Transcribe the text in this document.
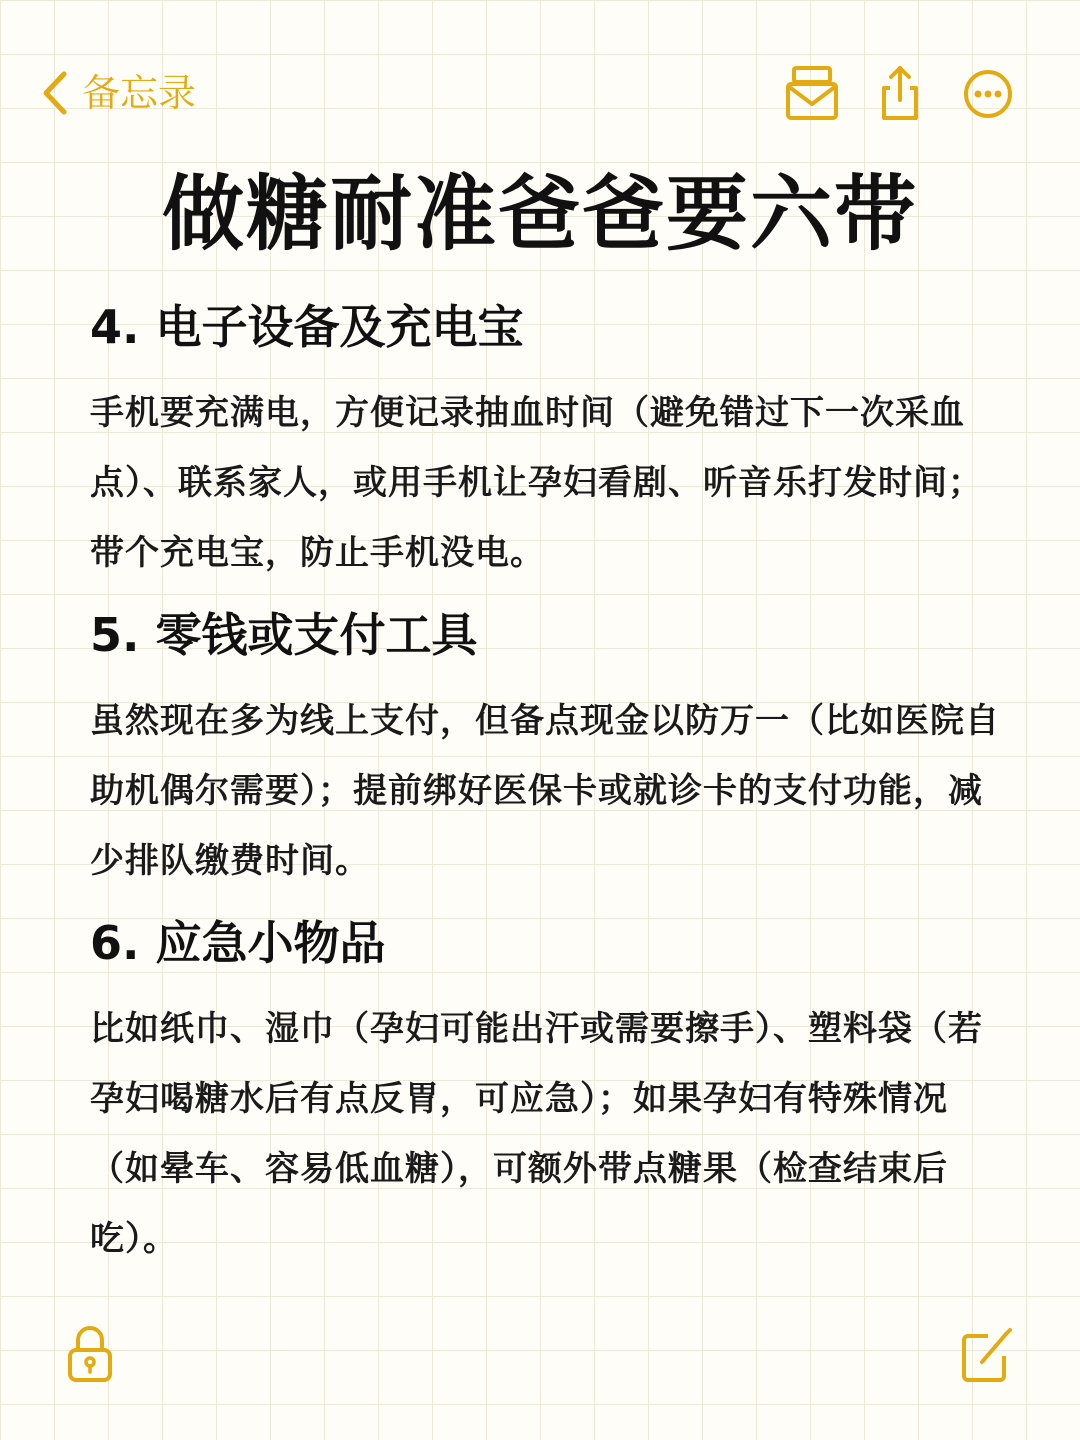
备忘录
做糖耐准爸爸要六带
4. 电子设备及充电宝

手机要充满电，方便记录抽血时间（避免错过下一次采血点）、联系家人，或用手机让孕妇看剧、听音乐打发时间；带个充电宝，防止手机没电。

5. 零钱或支付工具

虽然现在多为线上支付，但备点现金以防万一（比如医院自助机偶尔需要）；提前绑好医保卡或就诊卡的支付功能，减少排队缴费时间。

6. 应急小物品

比如纸巾、湿巾（孕妇可能出汗或需要擦手）、塑料袋（若孕妇喝糖水后有点反胃，可应急）；如果孕妇有特殊情况（如晕车、容易低血糖），可额外带点糖果（检查结束后吃）。
